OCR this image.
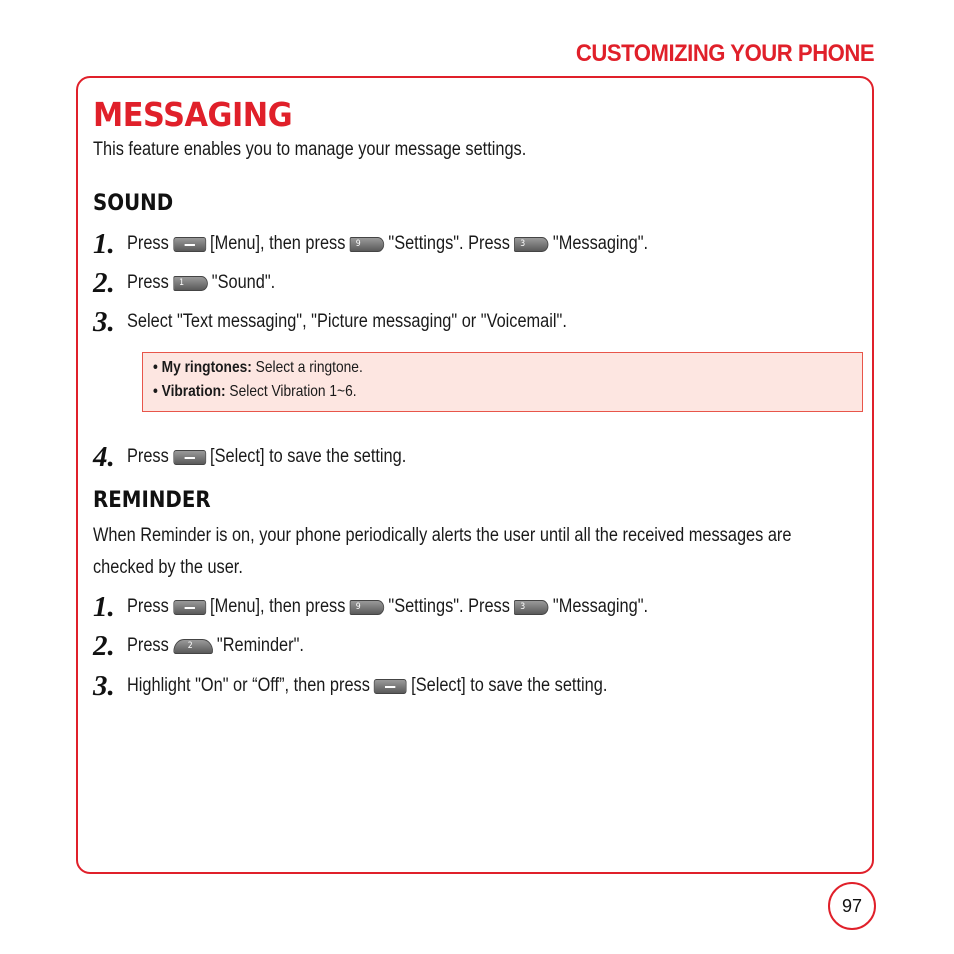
CUSTOMIZING YOUR PHONE
MESSAGING
This feature enables you to manage your message settings.
SOUND
1. Press [Menu], then press 9 "Settings". Press 3 "Messaging".
2. Press 1 "Sound".
3. Select "Text messaging", "Picture messaging" or "Voicemail".
• My ringtones: Select a ringtone.
• Vibration: Select Vibration 1~6.
4. Press [Select] to save the setting.
REMINDER
When Reminder is on, your phone periodically alerts the user until all the received messages are
checked by the user.
1. Press [Menu], then press 9 "Settings". Press 3 "Messaging".
2. Press 2 "Reminder".
3. Highlight "On" or “Off”, then press [Select] to save the setting.
97
